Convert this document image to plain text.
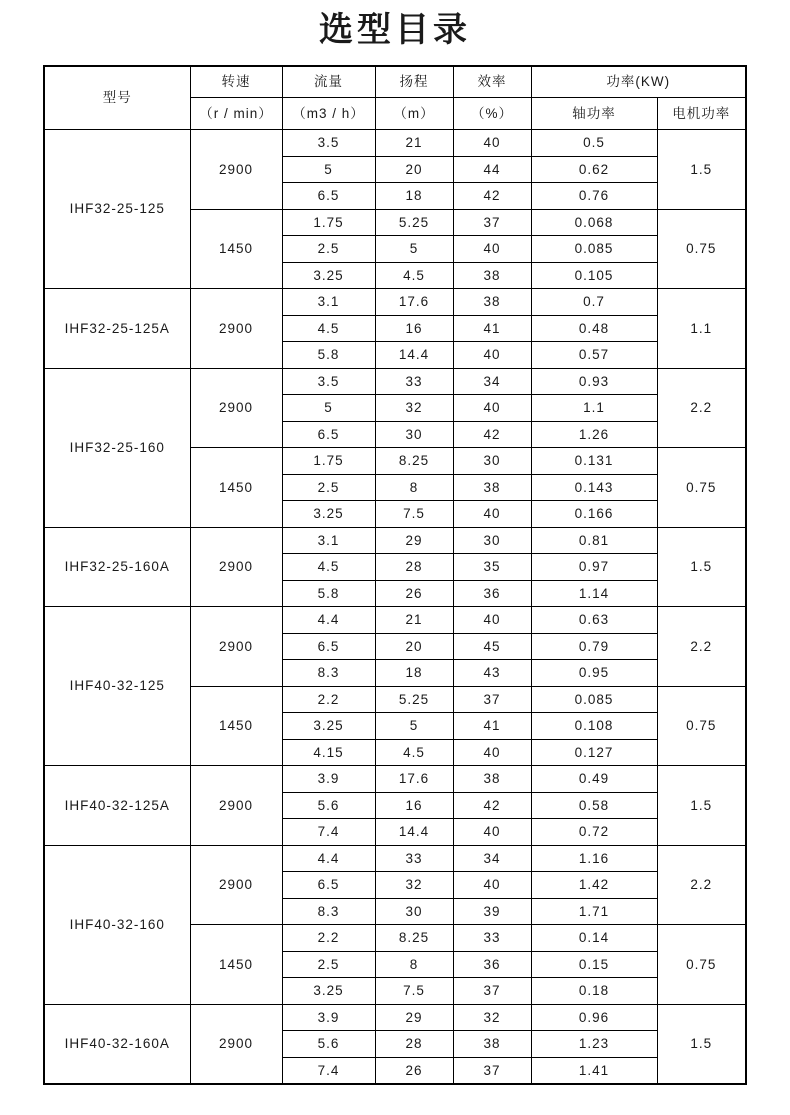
选型目录
型号	转速	流量	扬程	效率	功率(KW)	
	（r / min）	（m3 / h）	（m）	（%）	轴功率	电机功率
IHF32-25-125	2900	3.5	21	40	0.5	1.5
		5	20	44	0.62	
		6.5	18	42	0.76	
	1450	1.75	5.25	37	0.068	0.75
		2.5	5	40	0.085	
		3.25	4.5	38	0.105	
IHF32-25-125A	2900	3.1	17.6	38	0.7	1.1
		4.5	16	41	0.48	
		5.8	14.4	40	0.57	
IHF32-25-160	2900	3.5	33	34	0.93	2.2
		5	32	40	1.1	
		6.5	30	42	1.26	
	1450	1.75	8.25	30	0.131	0.75
		2.5	8	38	0.143	
		3.25	7.5	40	0.166	
IHF32-25-160A	2900	3.1	29	30	0.81	1.5
		4.5	28	35	0.97	
		5.8	26	36	1.14	
IHF40-32-125	2900	4.4	21	40	0.63	2.2
		6.5	20	45	0.79	
		8.3	18	43	0.95	
	1450	2.2	5.25	37	0.085	0.75
		3.25	5	41	0.108	
		4.15	4.5	40	0.127	
IHF40-32-125A	2900	3.9	17.6	38	0.49	1.5
		5.6	16	42	0.58	
		7.4	14.4	40	0.72	
IHF40-32-160	2900	4.4	33	34	1.16	2.2
		6.5	32	40	1.42	
		8.3	30	39	1.71	
	1450	2.2	8.25	33	0.14	0.75
		2.5	8	36	0.15	
		3.25	7.5	37	0.18	
IHF40-32-160A	2900	3.9	29	32	0.96	1.5
		5.6	28	38	1.23	
		7.4	26	37	1.41	
